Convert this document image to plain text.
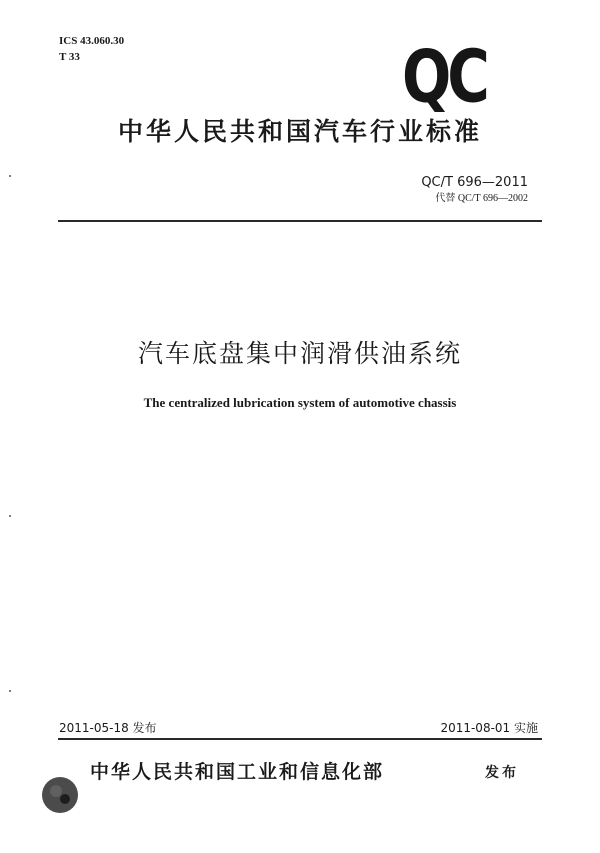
ICS 43.060.30
T 33	QC
中华人民共和国汽车行业标准
QC/T 696—2011
代替 QC/T 696—2002
汽车底盘集中润滑供油系统
The centralized lubrication system of automotive chassis
2011-05-18 发布	2011-08-01 实施
中华人民共和国工业和信息化部	发布
